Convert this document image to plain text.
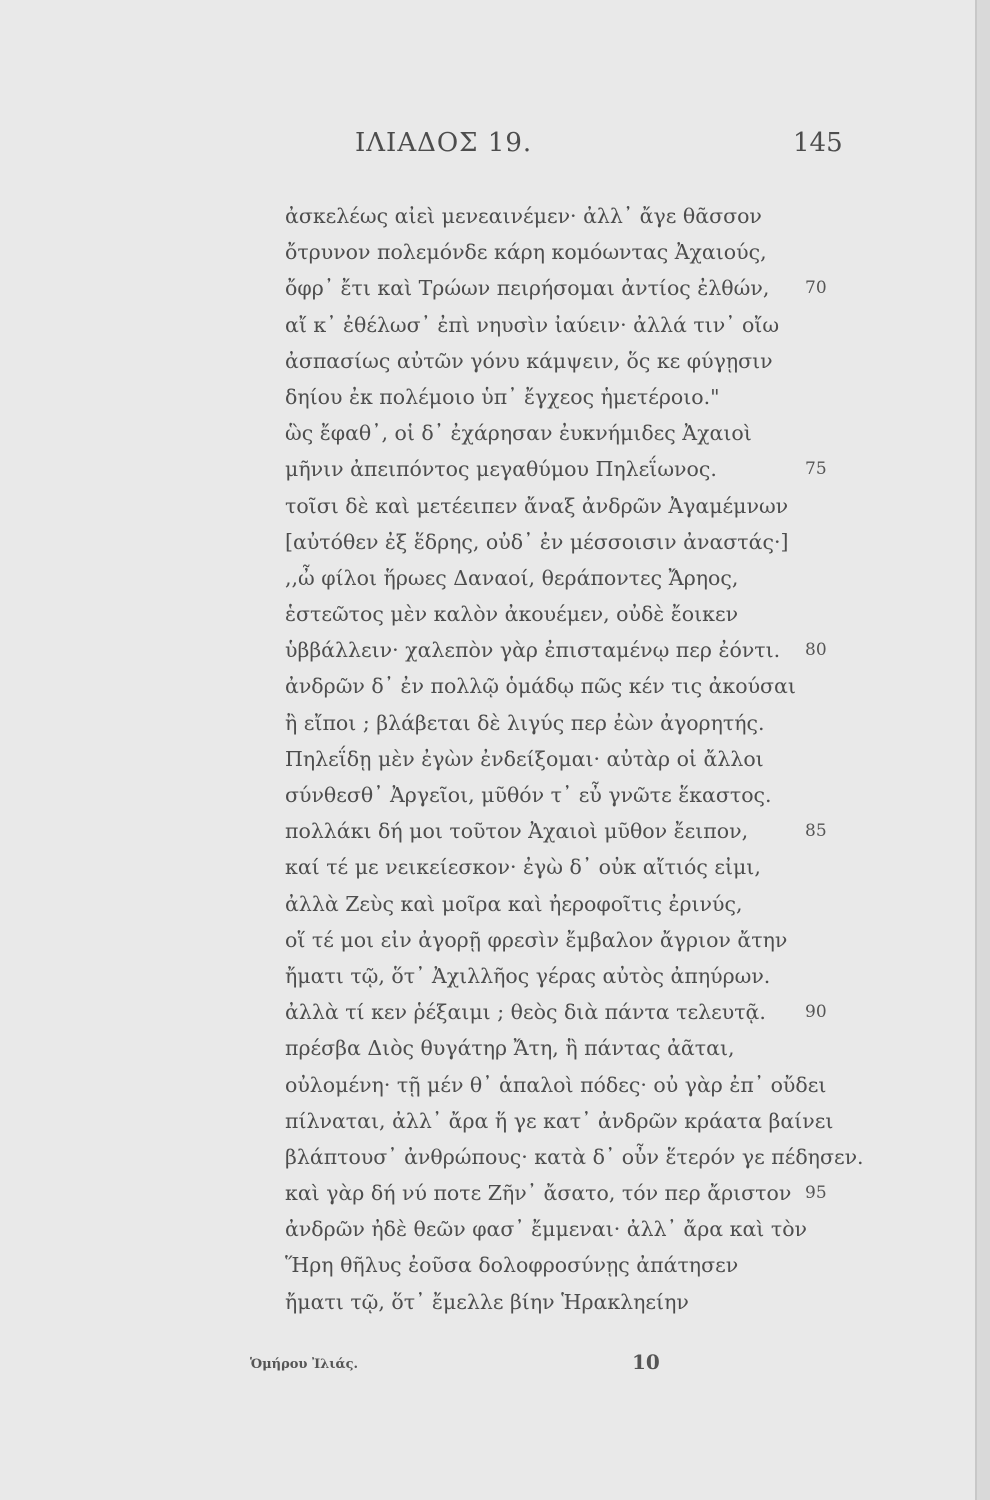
ΙΛΙΑΔΟΣ 19.	145
ἀσκελέως αἰεὶ μενεαινέμεν· ἀλλ᾽ ἄγε θᾶσσον
ὄτρυνον πολεμόνδε κάρη κομόωντας Ἀχαιούς,
ὄφρ᾽ ἔτι καὶ Τρώων πειρήσομαι ἀντίος ἐλθών, 70
αἴ κ᾽ ἐθέλωσ᾽ ἐπὶ νηυσὶν ἰαύειν· ἀλλά τιν᾽ οἴω
ἀσπασίως αὐτῶν γόνυ κάμψειν, ὅς κε φύγῃσιν
δηίου ἐκ πολέμοιο ὑπ᾽ ἔγχεος ἡμετέροιο."
ὣς ἔφαθ᾽, οἱ δ᾽ ἐχάρησαν ἐυκνήμιδες Ἀχαιοὶ
μῆνιν ἀπειπόντος μεγαθύμου Πηλεΐωνος.	75
τοῖσι δὲ καὶ μετέειπεν ἄναξ ἀνδρῶν Ἀγαμέμνων
[αὐτόθεν ἐξ ἕδρης, οὐδ᾽ ἐν μέσσοισιν ἀναστάς·]
,,ὦ φίλοι ἥρωες Δαναοί, θεράποντες Ἄρηος,
ἑστεῶτος μὲν καλὸν ἀκουέμεν, οὐδὲ ἔοικεν
ὑββάλλειν· χαλεπὸν γὰρ ἐπισταμένῳ περ ἐόντι. 80
ἀνδρῶν δ᾽ ἐν πολλῷ ὁμάδῳ πῶς κέν τις ἀκούσαι
ἢ εἴποι ; βλάβεται δὲ λιγύς περ ἐὼν ἀγορητής.
Πηλεΐδῃ μὲν ἐγὼν ἐνδείξομαι· αὐτὰρ οἱ ἄλλοι
σύνθεσθ᾽ Ἀργεῖοι, μῦθόν τ᾽ εὖ γνῶτε ἕκαστος.
πολλάκι δή μοι τοῦτον Ἀχαιοὶ μῦθον ἔειπον,	85
καί τέ με νεικείεσκον· ἐγὼ δ᾽ οὐκ αἴτιός εἰμι,
ἀλλὰ Ζεὺς καὶ μοῖρα καὶ ἠεροφοῖτις ἐρινύς,
οἵ τέ μοι εἰν ἀγορῇ φρεσὶν ἔμβαλον ἄγριον ἄτην
ἤματι τῷ, ὅτ᾽ Ἀχιλλῆος γέρας αὐτὸς ἀπηύρων.
ἀλλὰ τί κεν ῥέξαιμι ; θεὸς διὰ πάντα τελευτᾷ. 90
πρέσβα Διὸς θυγάτηρ Ἄτη, ἣ πάντας ἀᾶται,
οὐλομένη· τῇ μέν θ᾽ ἁπαλοὶ πόδες· οὐ γὰρ ἐπ᾽ οὔδει
πίλναται, ἀλλ᾽ ἄρα ἥ γε κατ᾽ ἀνδρῶν κράατα βαίνει
βλάπτουσ᾽ ἀνθρώπους· κατὰ δ᾽ οὖν ἕτερόν γε πέδησεν.
καὶ γὰρ δή νύ ποτε Ζῆν᾽ ἄσατο, τόν περ ἄριστον 95
ἀνδρῶν ἠδὲ θεῶν φασ᾽ ἔμμεναι· ἀλλ᾽ ἄρα καὶ τὸν
Ἥρη θῆλυς ἐοῦσα δολοφροσύνῃς ἀπάτησεν
ἤματι τῷ, ὅτ᾽ ἔμελλε βίην Ἡρακληείην
Ὁμήρου Ἰλιάς.	10
